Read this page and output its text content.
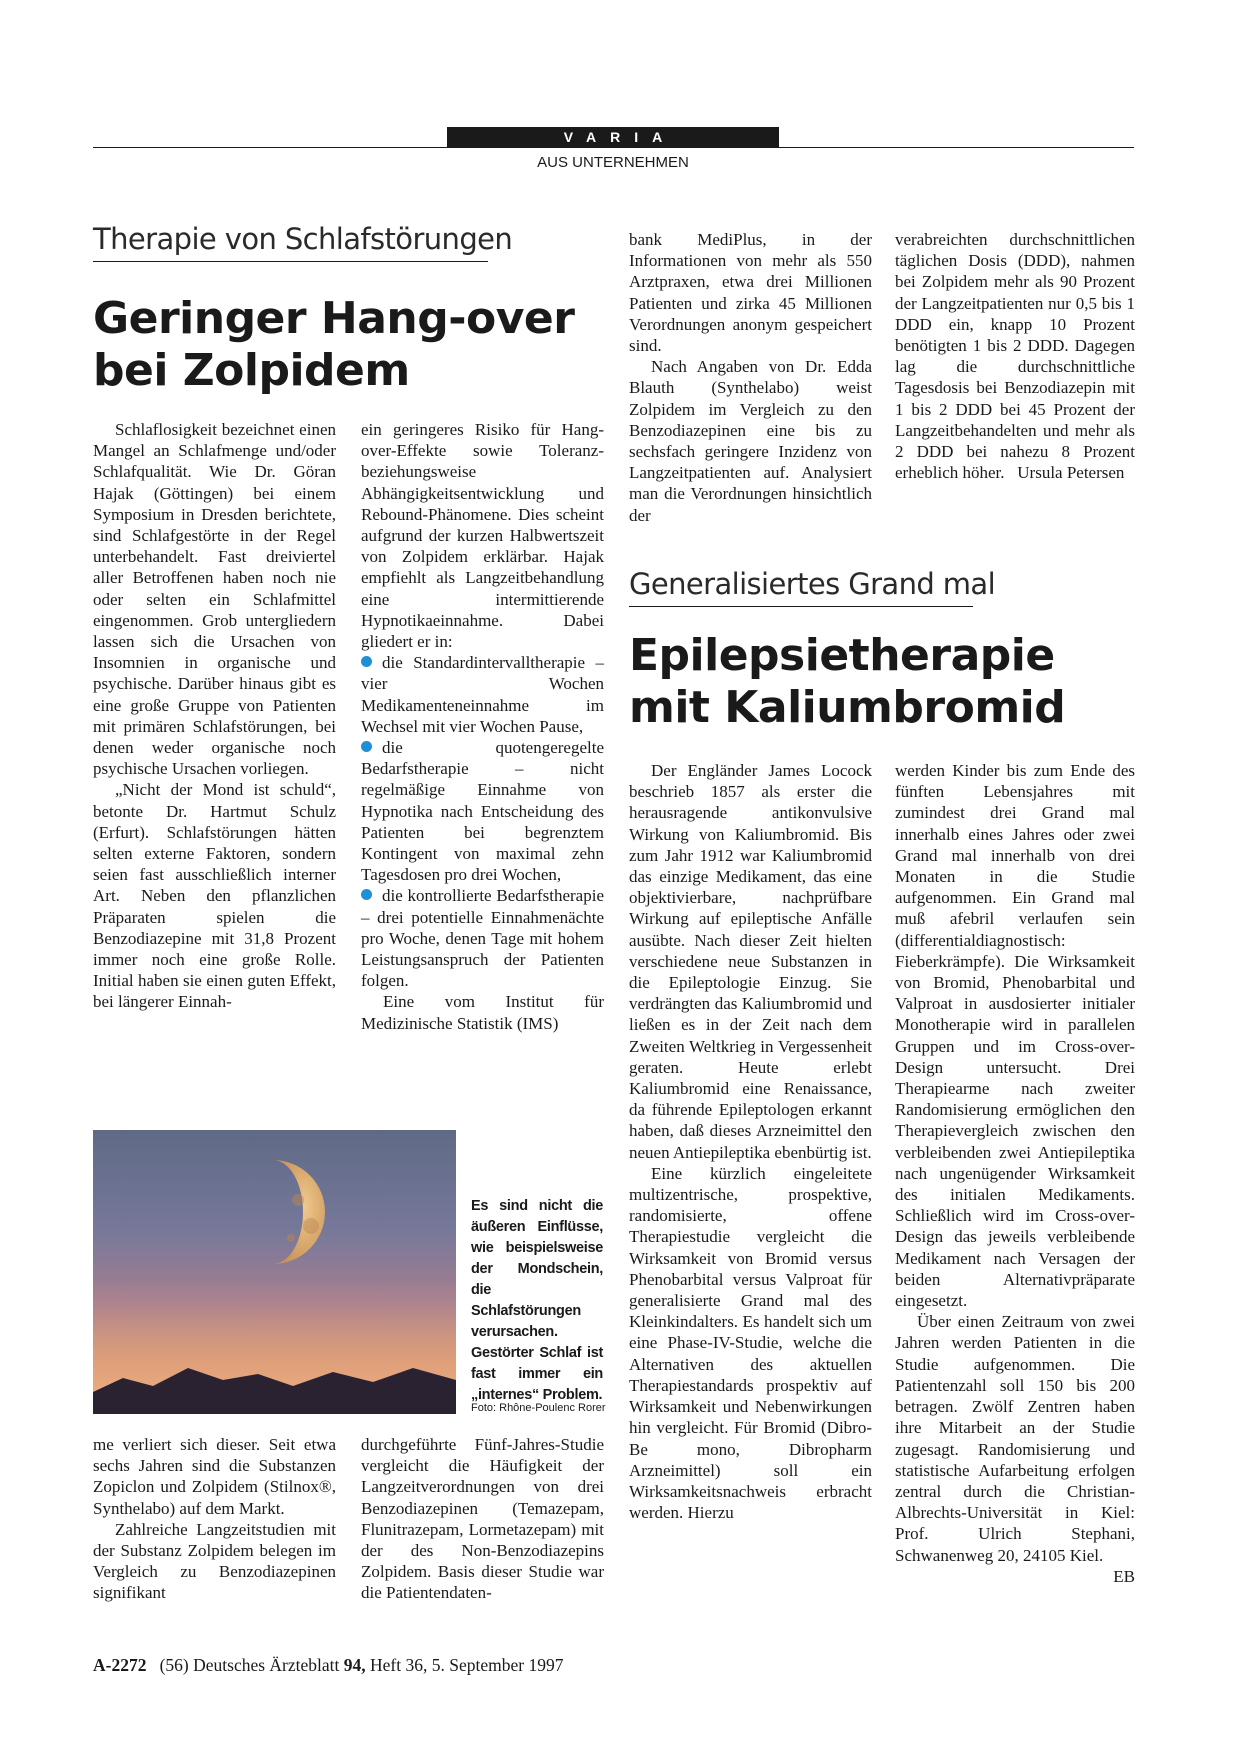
VARIA
AUS UNTERNEHMEN
Therapie von Schlafstörungen
Geringer Hang-over bei Zolpidem

Schlaflosigkeit bezeichnet einen Mangel an Schlafmenge und/oder Schlafqualität. Wie Dr. Göran Hajak (Göttingen) bei einem Symposium in Dresden berichtete, sind Schlafgestörte in der Regel unterbehandelt. Fast dreiviertel aller Betroffenen haben noch nie oder selten ein Schlafmittel eingenommen. Grob untergliedern lassen sich die Ursachen von Insomnien in organische und psychische. Darüber hinaus gibt es eine große Gruppe von Patienten mit primären Schlafstörungen, bei denen weder organische noch psychische Ursachen vorliegen.

„Nicht der Mond ist schuld“, betonte Dr. Hartmut Schulz (Erfurt). Schlafstörungen hätten selten externe Faktoren, sondern seien fast ausschließlich interner Art. Neben den pflanzlichen Präparaten spielen die Benzodiazepine mit 31,8 Prozent immer noch eine große Rolle. Initial haben sie einen guten Effekt, bei längerer Einnah-

ein geringeres Risiko für Hang-over-Effekte sowie Toleranz- beziehungsweise Abhängigkeitsentwicklung und Rebound-Phänomene. Dies scheint aufgrund der kurzen Halbwertszeit von Zolpidem erklärbar. Hajak empfiehlt als Langzeitbehandlung eine intermittierende Hypnotikaeinnahme. Dabei gliedert er in:

die Standardintervalltherapie – vier Wochen Medikamenteneinnahme im Wechsel mit vier Wochen Pause,

die quotengeregelte Bedarfstherapie – nicht regelmäßige Einnahme von Hypnotika nach Entscheidung des Patienten bei begrenztem Kontingent von maximal zehn Tagesdosen pro drei Wochen,

die kontrollierte Bedarfstherapie – drei potentielle Einnahmenächte pro Woche, denen Tage mit hohem Leistungsanspruch der Patienten folgen.

Eine vom Institut für Medizinische Statistik (IMS)

Es sind nicht die äußeren Einflüsse, wie beispielsweise der Mondschein, die Schlafstörungen verursachen. Gestörter Schlaf ist fast immer ein „internes“ Problem.
Foto: Rhône-Poulenc Rorer

me verliert sich dieser. Seit etwa sechs Jahren sind die Substanzen Zopiclon und Zolpidem (Stilnox®, Synthelabo) auf dem Markt.

Zahlreiche Langzeitstudien mit der Substanz Zolpidem belegen im Vergleich zu Benzodiazepinen signifikant

durchgeführte Fünf-Jahres-Studie vergleicht die Häufigkeit der Langzeitverordnungen von drei Benzodiazepinen (Temazepam, Flunitrazepam, Lormetazepam) mit der des Non-Benzodiazepins Zolpidem. Basis dieser Studie war die Patientendaten-

bank MediPlus, in der Informationen von mehr als 550 Arztpraxen, etwa drei Millionen Patienten und zirka 45 Millionen Verordnungen anonym gespeichert sind.

Nach Angaben von Dr. Edda Blauth (Synthelabo) weist Zolpidem im Vergleich zu den Benzodiazepinen eine bis zu sechsfach geringere Inzidenz von Langzeitpatienten auf. Analysiert man die Verordnungen hinsichtlich der

verabreichten durchschnittlichen täglichen Dosis (DDD), nahmen bei Zolpidem mehr als 90 Prozent der Langzeitpatienten nur 0,5 bis 1 DDD ein, knapp 10 Prozent benötigten 1 bis 2 DDD. Dagegen lag die durchschnittliche Tagesdosis bei Benzodiazepin mit 1 bis 2 DDD bei 45 Prozent der Langzeitbehandelten und mehr als 2 DDD bei nahezu 8 Prozent erheblich höher. Ursula Petersen

Generalisiertes Grand mal
Epilepsietherapie mit Kaliumbromid

Der Engländer James Locock beschrieb 1857 als erster die herausragende antikonvulsive Wirkung von Kaliumbromid. Bis zum Jahr 1912 war Kaliumbromid das einzige Medikament, das eine objektivierbare, nachprüfbare Wirkung auf epileptische Anfälle ausübte. Nach dieser Zeit hielten verschiedene neue Substanzen in die Epileptologie Einzug. Sie verdrängten das Kaliumbromid und ließen es in der Zeit nach dem Zweiten Weltkrieg in Vergessenheit geraten. Heute erlebt Kaliumbromid eine Renaissance, da führende Epileptologen erkannt haben, daß dieses Arzneimittel den neuen Antiepileptika ebenbürtig ist.

Eine kürzlich eingeleitete multizentrische, prospektive, randomisierte, offene Therapiestudie vergleicht die Wirksamkeit von Bromid versus Phenobarbital versus Valproat für generalisierte Grand mal des Kleinkindalters. Es handelt sich um eine Phase-IV-Studie, welche die Alternativen des aktuellen Therapiestandards prospektiv auf Wirksamkeit und Nebenwirkungen hin vergleicht. Für Bromid (Dibro-Be mono, Dibropharm Arzneimittel) soll ein Wirksamkeitsnachweis erbracht werden. Hierzu

werden Kinder bis zum Ende des fünften Lebensjahres mit zumindest drei Grand mal innerhalb eines Jahres oder zwei Grand mal innerhalb von drei Monaten in die Studie aufgenommen. Ein Grand mal muß afebril verlaufen sein (differentialdiagnostisch: Fieberkrämpfe). Die Wirksamkeit von Bromid, Phenobarbital und Valproat in ausdosierter initialer Monotherapie wird in parallelen Gruppen und im Cross-over-Design untersucht. Drei Therapiearme nach zweiter Randomisierung ermöglichen den Therapievergleich zwischen den verbleibenden zwei Antiepileptika nach ungenügender Wirksamkeit des initialen Medikaments. Schließlich wird im Cross-over-Design das jeweils verbleibende Medikament nach Versagen der beiden Alternativpräparate eingesetzt.

Über einen Zeitraum von zwei Jahren werden Patienten in die Studie aufgenommen. Die Patientenzahl soll 150 bis 200 betragen. Zwölf Zentren haben ihre Mitarbeit an der Studie zugesagt. Randomisierung und statistische Aufarbeitung erfolgen zentral durch die Christian-Albrechts-Universität in Kiel: Prof. Ulrich Stephani, Schwanenweg 20, 24105 Kiel.
EB

A-2272 (56) Deutsches Ärzteblatt 94, Heft 36, 5. September 1997
